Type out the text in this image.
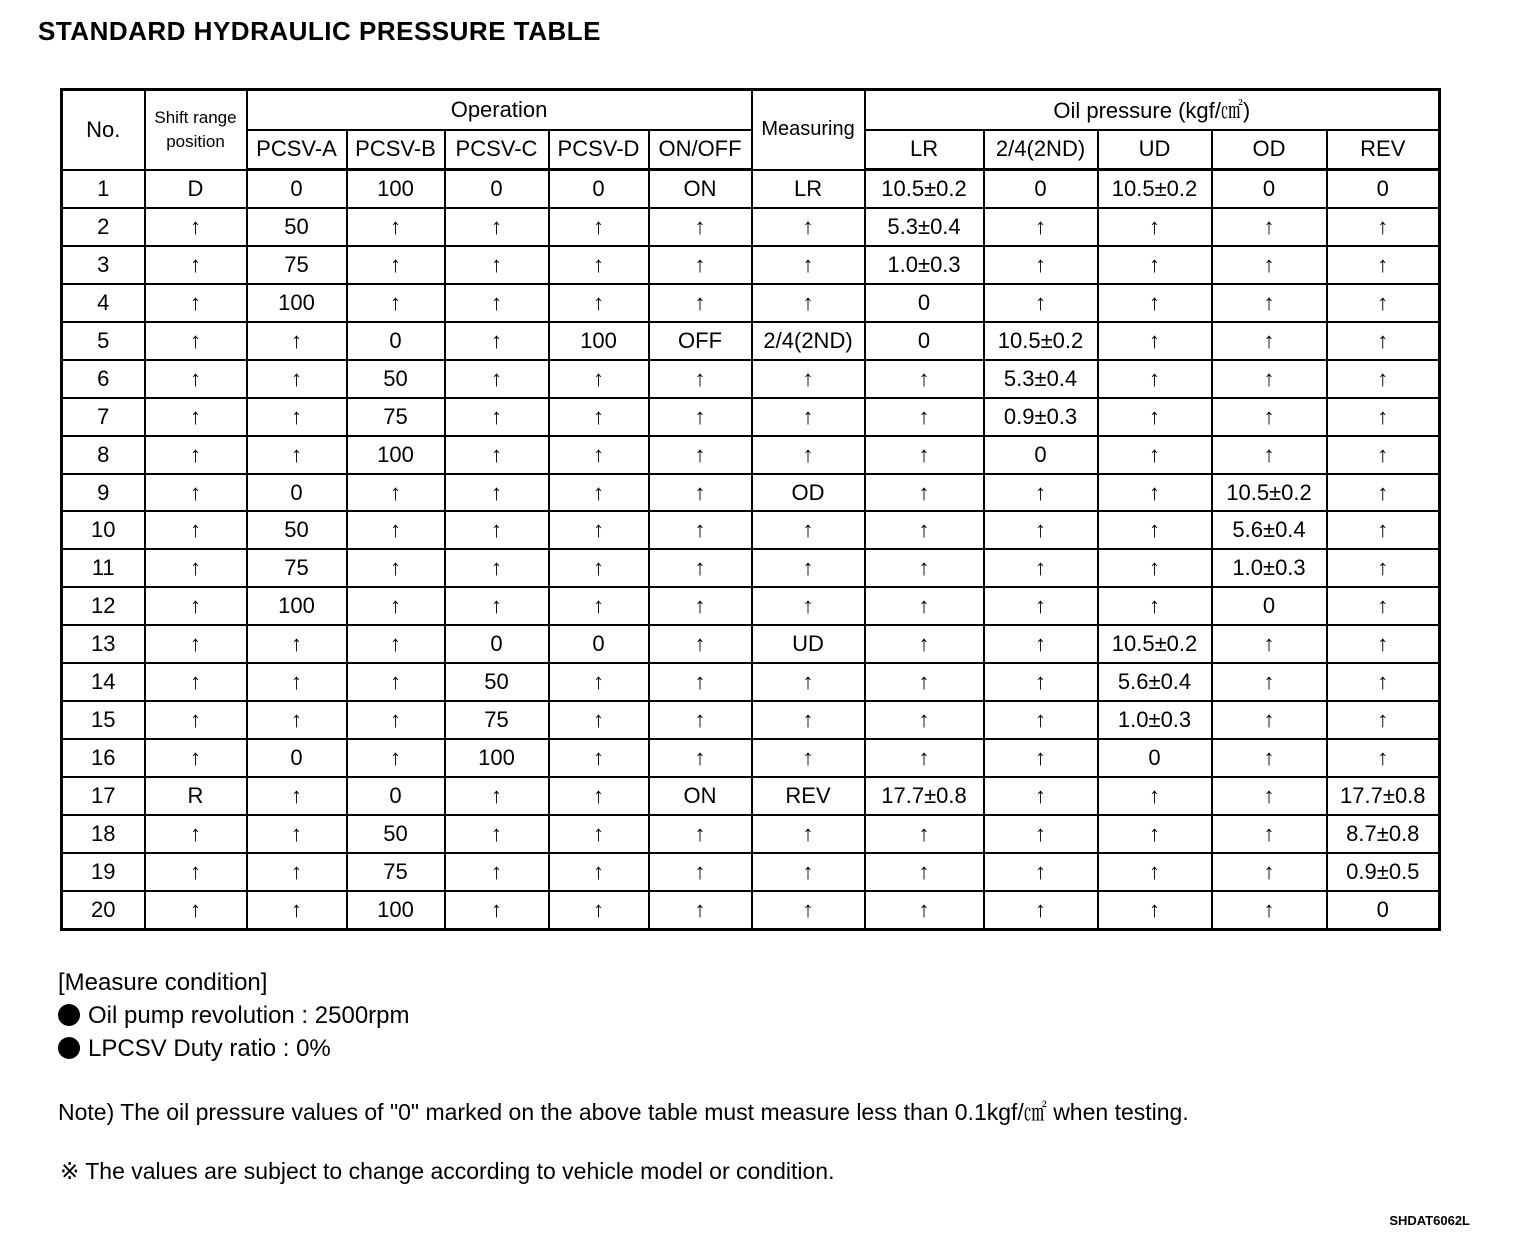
STANDARD HYDRAULIC PRESSURE TABLE
No.	Shift range position	Operation					Measuring	Oil pressure (kgf/㎠)				
		PCSV-A	PCSV-B	PCSV-C	PCSV-D	ON/OFF		LR	2/4(2ND)	UD	OD	REV
1	D	0	100	0	0	ON	LR	10.5±0.2	0	10.5±0.2	0	0
2	↑	50	↑	↑	↑	↑	↑	5.3±0.4	↑	↑	↑	↑
3	↑	75	↑	↑	↑	↑	↑	1.0±0.3	↑	↑	↑	↑
4	↑	100	↑	↑	↑	↑	↑	0	↑	↑	↑	↑
5	↑	↑	0	↑	100	OFF	2/4(2ND)	0	10.5±0.2	↑	↑	↑
6	↑	↑	50	↑	↑	↑	↑	↑	5.3±0.4	↑	↑	↑
7	↑	↑	75	↑	↑	↑	↑	↑	0.9±0.3	↑	↑	↑
8	↑	↑	100	↑	↑	↑	↑	↑	0	↑	↑	↑
9	↑	0	↑	↑	↑	↑	OD	↑	↑	↑	10.5±0.2	↑
10	↑	50	↑	↑	↑	↑	↑	↑	↑	↑	5.6±0.4	↑
11	↑	75	↑	↑	↑	↑	↑	↑	↑	↑	1.0±0.3	↑
12	↑	100	↑	↑	↑	↑	↑	↑	↑	↑	0	↑
13	↑	↑	↑	0	0	↑	UD	↑	↑	10.5±0.2	↑	↑
14	↑	↑	↑	50	↑	↑	↑	↑	↑	5.6±0.4	↑	↑
15	↑	↑	↑	75	↑	↑	↑	↑	↑	1.0±0.3	↑	↑
16	↑	0	↑	100	↑	↑	↑	↑	↑	0	↑	↑
17	R	↑	0	↑	↑	ON	REV	17.7±0.8	↑	↑	↑	17.7±0.8
18	↑	↑	50	↑	↑	↑	↑	↑	↑	↑	↑	8.7±0.8
19	↑	↑	75	↑	↑	↑	↑	↑	↑	↑	↑	0.9±0.5
20	↑	↑	100	↑	↑	↑	↑	↑	↑	↑	↑	0
[Measure condition]
Oil pump revolution : 2500rpm
LPCSV Duty ratio : 0%
Note) The oil pressure values of "0" marked on the above table must measure less than 0.1kgf/㎠ when testing.
※ The values are subject to change according to vehicle model or condition.
SHDAT6062L
